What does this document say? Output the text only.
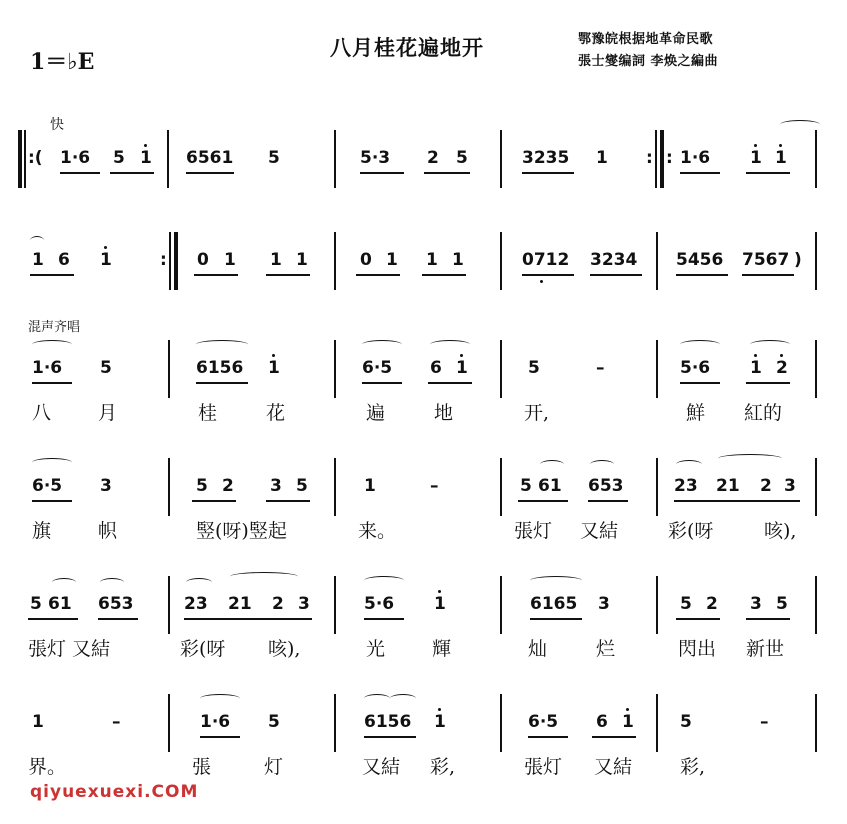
八月桂花遍地开
1＝♭E
鄂豫皖根据地革命民歌
張士燮编詞 李焕之編曲
快
混声齐唱
:( 1·6 5 1 6561 5	5·3 2 5	3235 1 : : 1·6 1 1
1 6 1	: 0 1 1 1	0 1 1 1	0712 3234 5456 7567 )
1·6 5	6156 1	6·5 6 1	5	–	5·6 1 2
八 月	桂	花	遍	地	开,	鮮 紅的
6·5 3	5 2 3 5	1	–	5 61 653	23 21 2 3
旗 帜	竪(呀)竪起	来。	張灯 又結	彩(呀	咳),
5 61 653	23 21 2 3	5·6 1	6165 3	5 2 3 5
張灯 又結	彩(呀 咳),	光 輝	灿	烂	閃出 新世
1	–	1·6 5	6156 1	6·5 6 1	5	–
界。	張	灯	又結 彩,	張灯 又結	彩,
qiyuexuexi.COM
